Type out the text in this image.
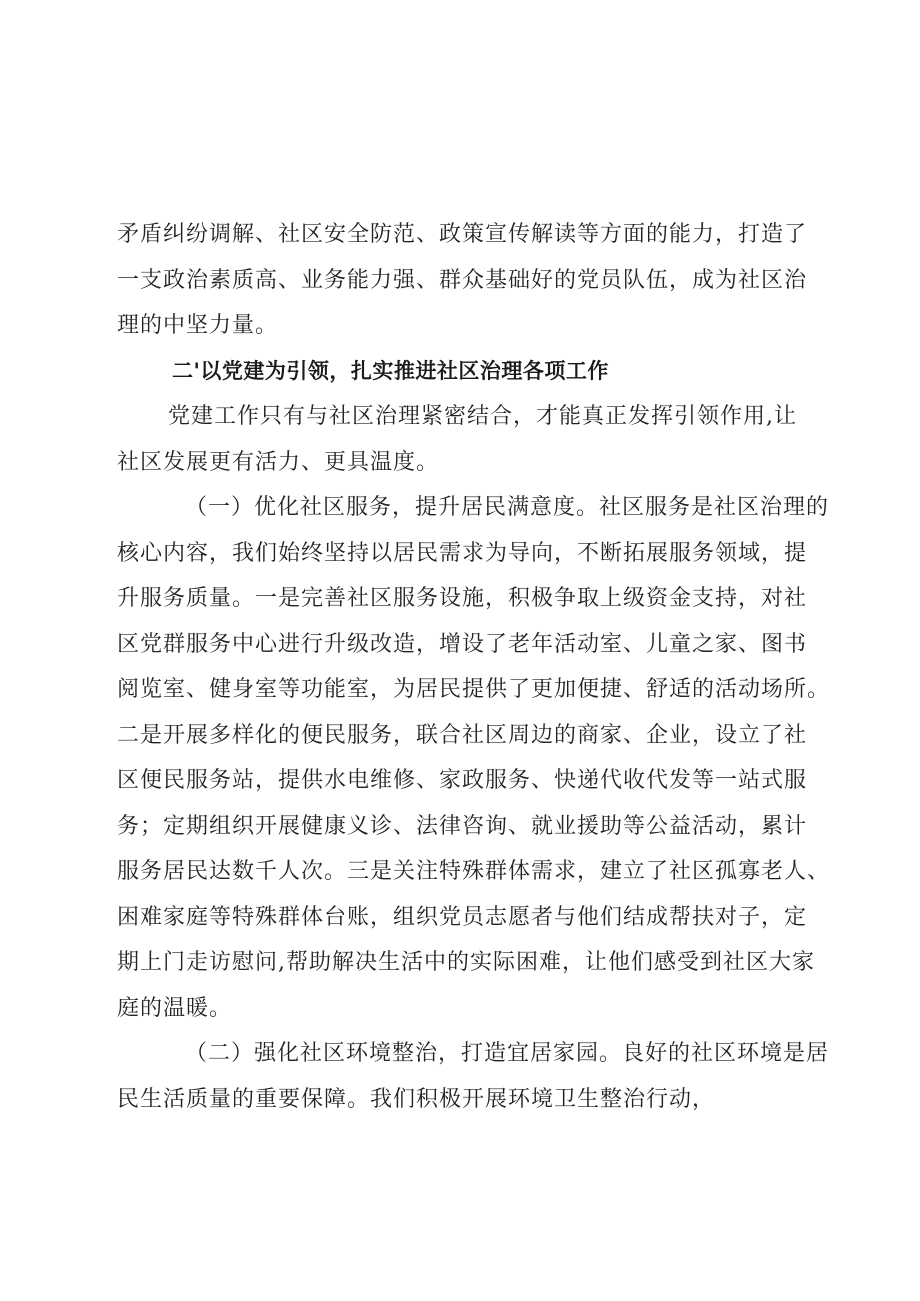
矛盾纠纷调解、社区安全防范、政策宣传解读等方面的能力，打造了
一支政治素质高、业务能力强、群众基础好的党员队伍，成为社区治
理的中坚力量。

二'以党建为引领，扎实推进社区治理各项工作

党建工作只有与社区治理紧密结合，才能真正发挥引领作用,让
社区发展更有活力、更具温度。

（一）优化社区服务，提升居民满意度。社区服务是社区治理的
核心内容，我们始终坚持以居民需求为导向，不断拓展服务领域，提
升服务质量。一是完善社区服务设施，积极争取上级资金支持，对社
区党群服务中心进行升级改造，增设了老年活动室、儿童之家、图书
阅览室、健身室等功能室，为居民提供了更加便捷、舒适的活动场所。
二是开展多样化的便民服务，联合社区周边的商家、企业，设立了社
区便民服务站，提供水电维修、家政服务、快递代收代发等一站式服
务；定期组织开展健康义诊、法律咨询、就业援助等公益活动，累计
服务居民达数千人次。三是关注特殊群体需求，建立了社区孤寡老人、
困难家庭等特殊群体台账，组织党员志愿者与他们结成帮扶对子，定
期上门走访慰问,帮助解决生活中的实际困难，让他们感受到社区大家
庭的温暖。

（二）强化社区环境整治，打造宜居家园。良好的社区环境是居
民生活质量的重要保障。我们积极开展环境卫生整治行动，
